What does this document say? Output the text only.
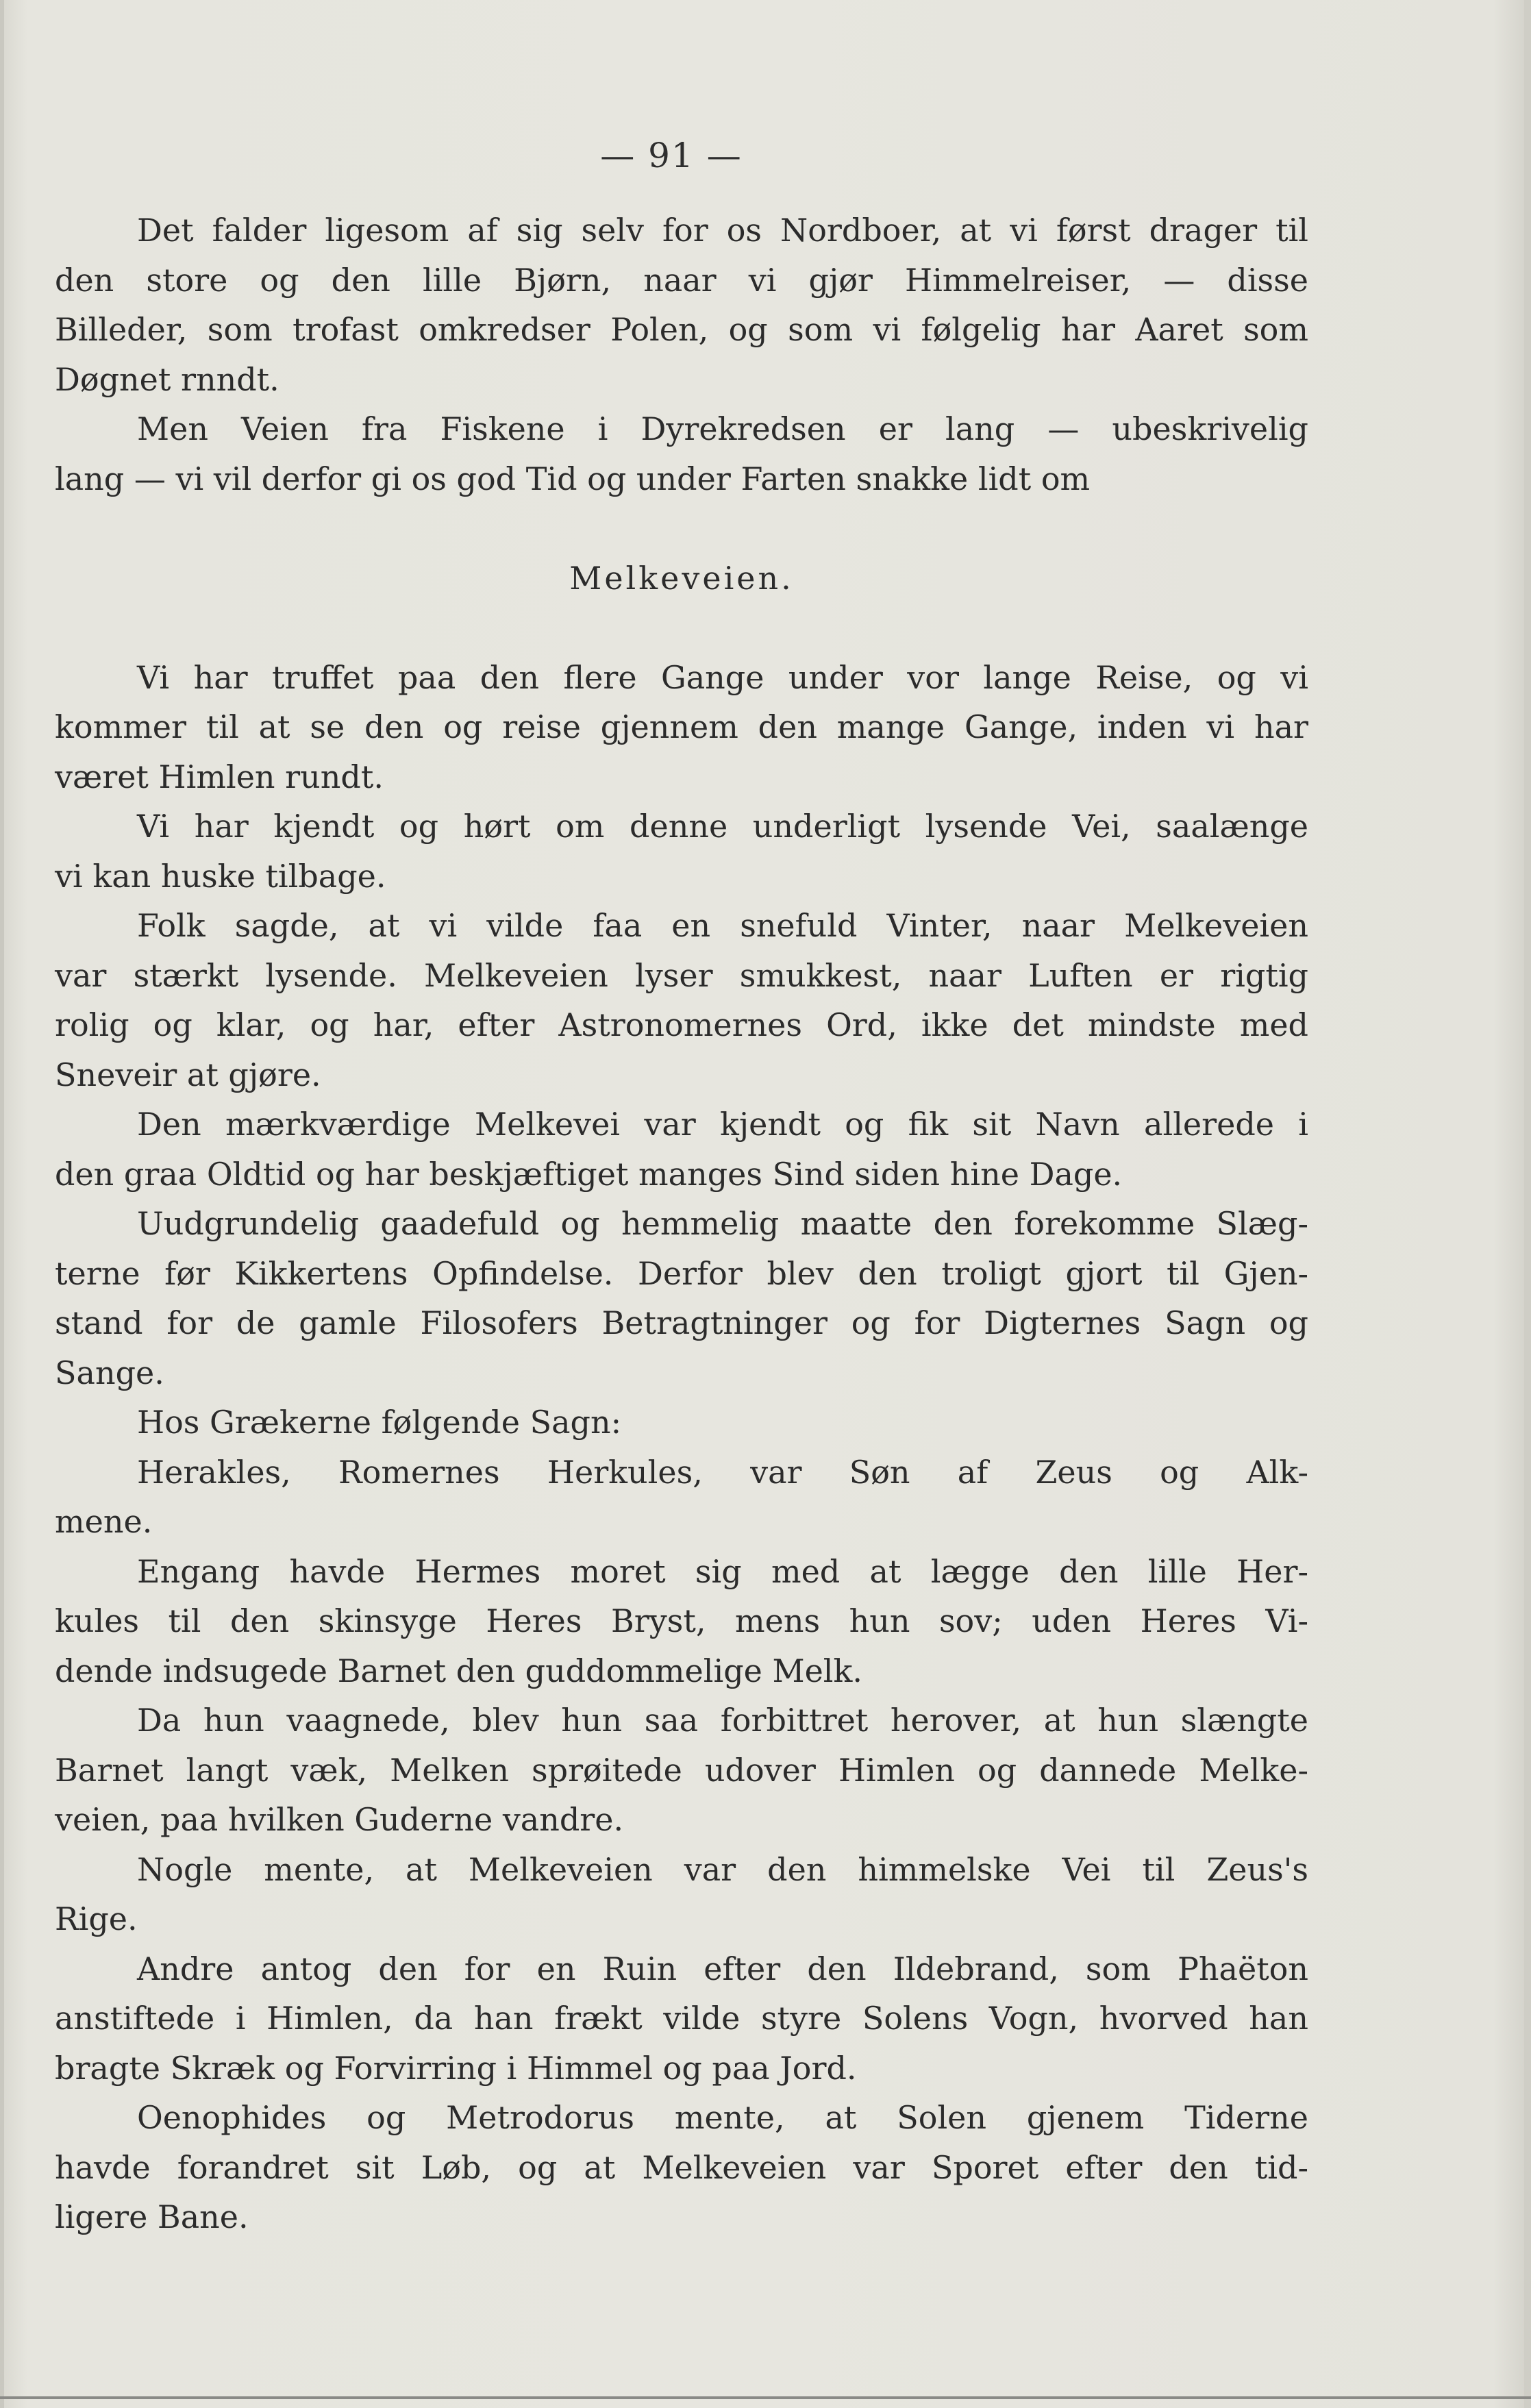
— 91 —
Det falder ligesom af sig selv for os Nordboer, at vi først drager til
den store og den lille Bjørn, naar vi gjør Himmelreiser, — disse
Billeder, som trofast omkredser Polen, og som vi følgelig har Aaret som
Døgnet rnndt.
Men Veien fra Fiskene i Dyrekredsen er lang — ubeskrivelig
lang — vi vil derfor gi os god Tid og under Farten snakke lidt om
Melkeveien.
Vi har truffet paa den flere Gange under vor lange Reise, og vi
kommer til at se den og reise gjennem den mange Gange, inden vi har
været Himlen rundt.
Vi har kjendt og hørt om denne underligt lysende Vei, saalænge
vi kan huske tilbage.
Folk sagde, at vi vilde faa en snefuld Vinter, naar Melkeveien
var stærkt lysende. Melkeveien lyser smukkest, naar Luften er rigtig
rolig og klar, og har, efter Astronomernes Ord, ikke det mindste med
Sneveir at gjøre.
Den mærkværdige Melkevei var kjendt og fik sit Navn allerede i
den graa Oldtid og har beskjæftiget manges Sind siden hine Dage.
Uudgrundelig gaadefuld og hemmelig maatte den forekomme Slæg-
terne før Kikkertens Opfindelse. Derfor blev den troligt gjort til Gjen-
stand for de gamle Filosofers Betragtninger og for Digternes Sagn og
Sange.
Hos Grækerne følgende Sagn:
Herakles, Romernes Herkules, var Søn af Zeus og Alk-
mene.
Engang havde Hermes moret sig med at lægge den lille Her-
kules til den skinsyge Heres Bryst, mens hun sov; uden Heres Vi-
dende indsugede Barnet den guddommelige Melk.
Da hun vaagnede, blev hun saa forbittret herover, at hun slængte
Barnet langt væk, Melken sprøitede udover Himlen og dannede Melke-
veien, paa hvilken Guderne vandre.
Nogle mente, at Melkeveien var den himmelske Vei til Zeus's
Rige.
Andre antog den for en Ruin efter den Ildebrand, som Phaëton
anstiftede i Himlen, da han frækt vilde styre Solens Vogn, hvorved han
bragte Skræk og Forvirring i Himmel og paa Jord.
Oenophides og Metrodorus mente, at Solen gjenem Tiderne
havde forandret sit Løb, og at Melkeveien var Sporet efter den tid-
ligere Bane.
